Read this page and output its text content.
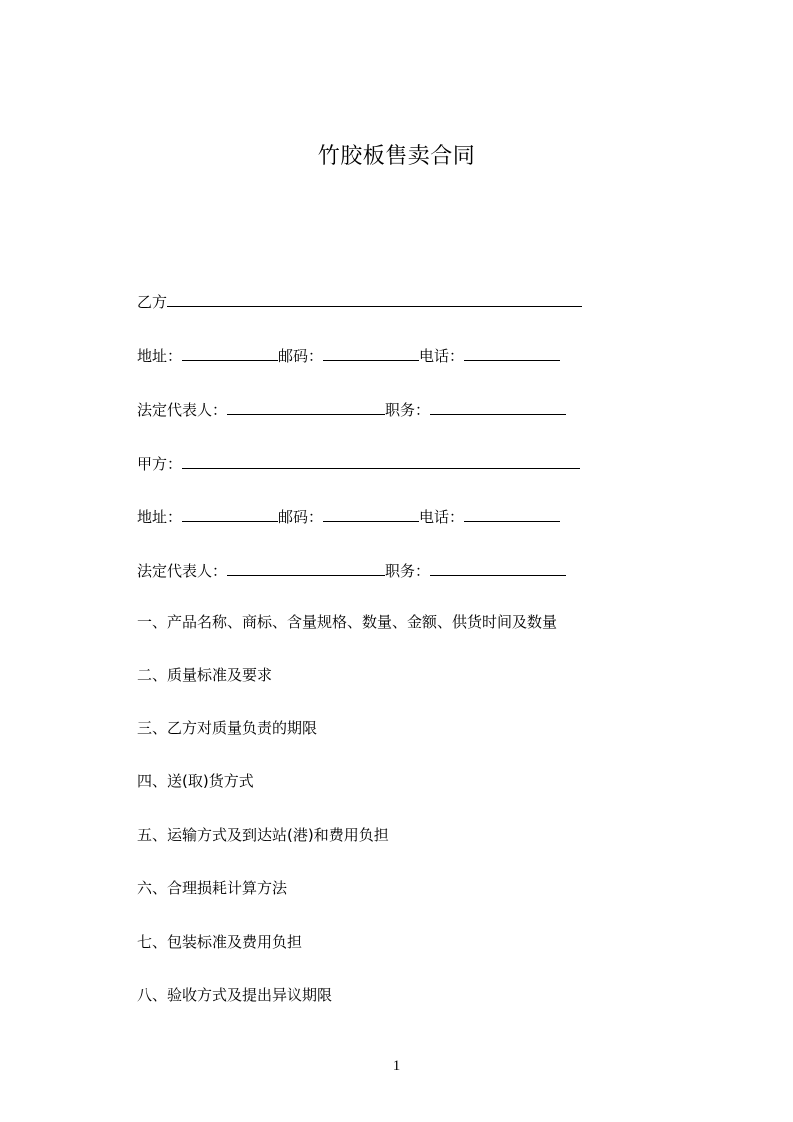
竹胶板售卖合同
乙方
地址：	邮码：	电话：
法定代表人：	职务：
甲方：
地址：	邮码：	电话：
法定代表人：	职务：
一、产品名称、商标、含量规格、数量、金额、供货时间及数量
二、质量标准及要求
三、乙方对质量负责的期限
四、送(取)货方式
五、运输方式及到达站(港)和费用负担
六、合理损耗计算方法
七、包装标准及费用负担
八、验收方式及提出异议期限
1
